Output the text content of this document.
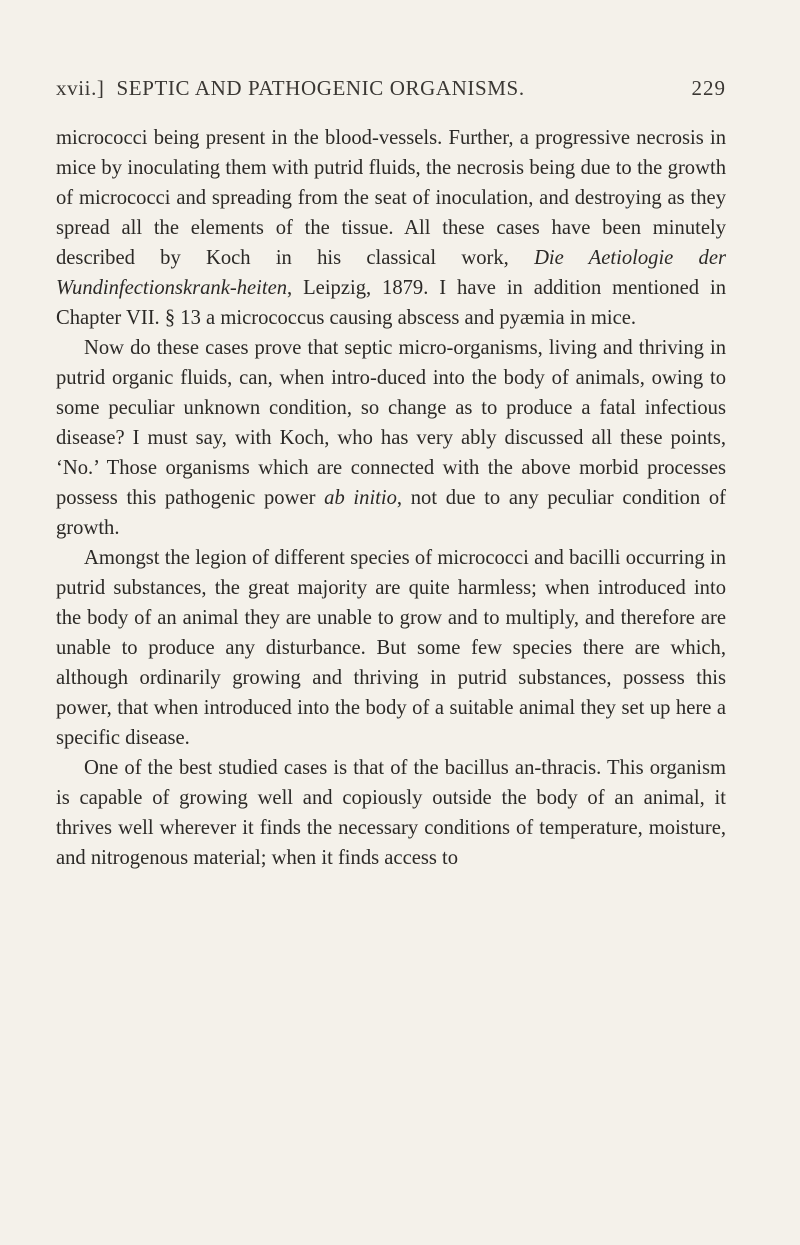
xvii.] SEPTIC AND PATHOGENIC ORGANISMS.	229

micrococci being present in the blood-vessels. Further, a progressive necrosis in mice by inoculating them with putrid fluids, the necrosis being due to the growth of micrococci and spreading from the seat of inoculation, and destroying as they spread all the elements of the tissue. All these cases have been minutely described by Koch in his classical work, Die Aetiologie der Wundinfectionskrank-heiten, Leipzig, 1879. I have in addition mentioned in Chapter VII. § 13 a micrococcus causing abscess and pyæmia in mice.

Now do these cases prove that septic micro-organisms, living and thriving in putrid organic fluids, can, when intro-duced into the body of animals, owing to some peculiar unknown condition, so change as to produce a fatal infectious disease? I must say, with Koch, who has very ably discussed all these points, ‘No.’ Those organisms which are connected with the above morbid processes possess this pathogenic power ab initio, not due to any peculiar condition of growth.

Amongst the legion of different species of micrococci and bacilli occurring in putrid substances, the great majority are quite harmless; when introduced into the body of an animal they are unable to grow and to multiply, and therefore are unable to produce any disturbance. But some few species there are which, although ordinarily growing and thriving in putrid substances, possess this power, that when introduced into the body of a suitable animal they set up here a specific disease.

One of the best studied cases is that of the bacillus an-thracis. This organism is capable of growing well and copiously outside the body of an animal, it thrives well wherever it finds the necessary conditions of temperature, moisture, and nitrogenous material; when it finds access to
